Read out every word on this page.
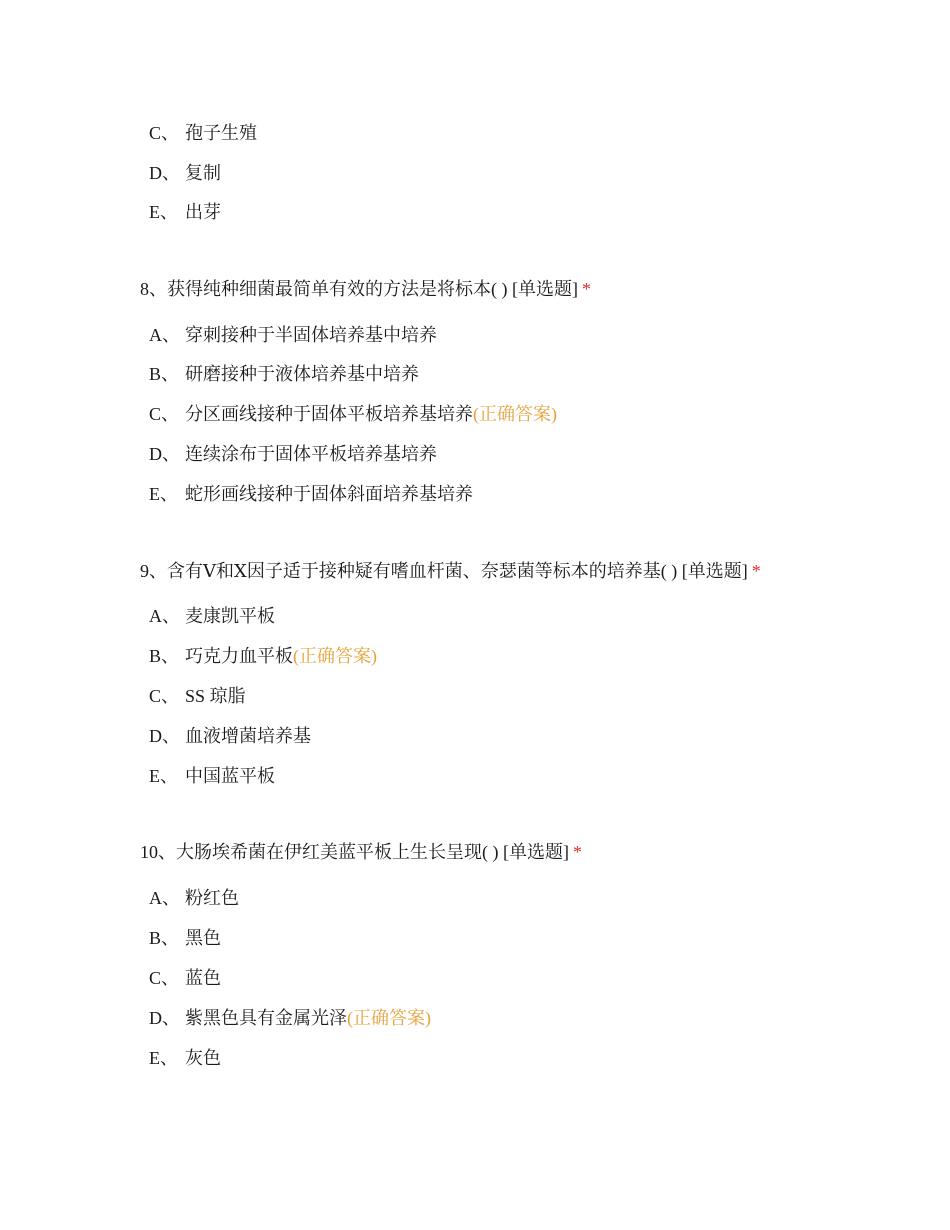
C、 孢子生殖
D、 复制
E、 出芽
8、获得纯种细菌最简单有效的方法是将标本( ) [单选题] *
A、 穿刺接种于半固体培养基中培养
B、 研磨接种于液体培养基中培养
C、 分区画线接种于固体平板培养基培养(正确答案)
D、 连续涂布于固体平板培养基培养
E、 蛇形画线接种于固体斜面培养基培养
9、含有Ⅴ和Ⅹ因子适于接种疑有嗜血杆菌、奈瑟菌等标本的培养基( ) [单选题] *
A、 麦康凯平板
B、 巧克力血平板(正确答案)
C、 SS 琼脂
D、 血液增菌培养基
E、 中国蓝平板
10、大肠埃希菌在伊红美蓝平板上生长呈现( ) [单选题] *
A、 粉红色
B、 黑色
C、 蓝色
D、 紫黑色具有金属光泽(正确答案)
E、 灰色
